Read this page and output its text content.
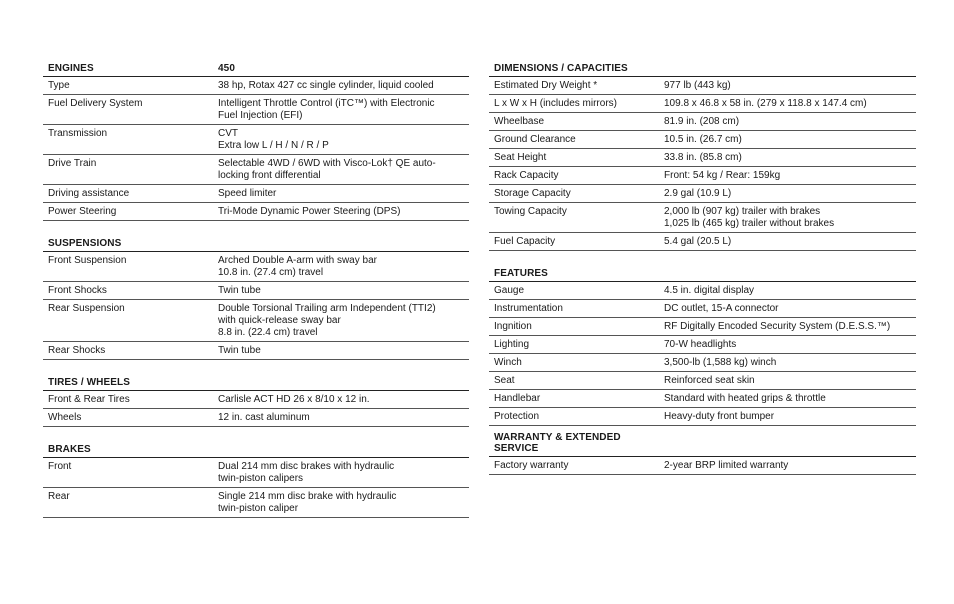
ENGINES	450
Type	38 hp, Rotax 427 cc single cylinder, liquid cooled
Fuel Delivery System	Intelligent Throttle Control (iTC™) with Electronic
Fuel Injection (EFI)
Transmission	CVT
Extra low L / H / N / R / P
Drive Train	Selectable 4WD / 6WD with Visco-Lok† QE auto-
locking front differential
Driving assistance	Speed limiter
Power Steering	Tri-Mode Dynamic Power Steering (DPS)
SUSPENSIONS
Front Suspension	Arched Double A-arm with sway bar
10.8 in. (27.4 cm) travel
Front Shocks	Twin tube
Rear Suspension	Double Torsional Trailing arm Independent (TTI2)
with quick-release sway bar
8.8 in. (22.4 cm) travel
Rear Shocks	Twin tube
TIRES / WHEELS
Front & Rear Tires	Carlisle ACT HD 26 x 8/10 x 12 in.
Wheels	12 in. cast aluminum
BRAKES
Front	Dual 214 mm disc brakes with hydraulic
twin-piston calipers
Rear	Single 214 mm disc brake with hydraulic
twin-piston caliper
DIMENSIONS / CAPACITIES
Estimated Dry Weight *	977 lb (443 kg)
L x W x H (includes mirrors)	109.8 x 46.8 x 58 in. (279 x 118.8 x 147.4 cm)
Wheelbase	81.9 in. (208 cm)
Ground Clearance	10.5 in. (26.7 cm)
Seat Height	33.8 in. (85.8 cm)
Rack Capacity	Front: 54 kg / Rear: 159kg
Storage Capacity	2.9 gal (10.9 L)
Towing Capacity	2,000 lb (907 kg) trailer with brakes
1,025 lb (465 kg) trailer without brakes
Fuel Capacity	5.4 gal (20.5 L)
FEATURES
Gauge	4.5 in. digital display
Instrumentation	DC outlet, 15-A connector
Ingnition	RF Digitally Encoded Security System (D.E.S.S.™)
Lighting	70-W headlights
Winch	3,500-lb (1,588 kg) winch
Seat	Reinforced seat skin
Handlebar	Standard with heated grips & throttle
Protection	Heavy-duty front bumper
WARRANTY & EXTENDED SERVICE
Factory warranty	2-year BRP limited warranty
